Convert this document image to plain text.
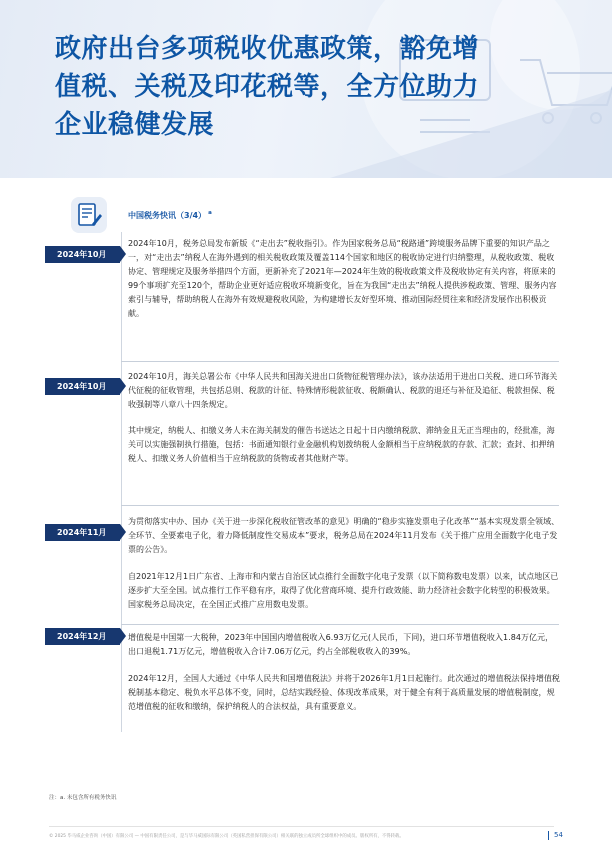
政府出台多项税收优惠政策，豁免增
值税、关税及印花税等，全方位助力
企业稳健发展
中国税务快讯（3/4） $^a$
2024年10月
2024年10月，税务总局发布新版《“走出去”税收指引》。作为国家税务总局“税路通”跨境服务品牌下重要的知识产品之一，对“走出去”纳税人在海外遇到的相关税收政策及覆盖114个国家和地区的税收协定进行归纳整理，从税收政策、税收协定、管理规定及服务举措四个方面，更新补充了2021年—2024年生效的税收政策文件及税收协定有关内容，将原来的99个事项扩充至120个，帮助企业更好适应税收环境新变化，旨在为我国“走出去”纳税人提供涉税政策、管理、服务内容索引与辅导，帮助纳税人在海外有效规避税收风险，为构建增长友好型环境、推动国际经贸往来和经济发展作出积极贡献。
2024年10月
2024年10月，海关总署公布《中华人民共和国海关进出口货物征税管理办法》，该办法适用于进出口关税、进口环节海关代征税的征收管理，共包括总则、税款的计征、特殊情形税款征收、税额确认、税款的退还与补征及追征、税款担保、税收强制等八章八十四条规定。
其中规定，纳税人、扣缴义务人未在海关制发的催告书送达之日起十日内缴纳税款、滞纳金且无正当理由的，经批准，海关可以实施强制执行措施，包括：书面通知银行业金融机构划拨纳税人金额相当于应纳税款的存款、汇款；查封、扣押纳税人、扣缴义务人价值相当于应纳税款的货物或者其他财产等。
2024年11月
为贯彻落实中办、国办《关于进一步深化税收征管改革的意见》明确的“稳步实施发票电子化改革”“基本实现发票全领域、全环节、全要素电子化，着力降低制度性交易成本”要求，税务总局在2024年11月发布《关于推广应用全面数字化电子发票的公告》。
自2021年12月1日广东省、上海市和内蒙古自治区试点推行全面数字化电子发票（以下简称数电发票）以来，试点地区已逐步扩大至全国。试点推行工作平稳有序，取得了优化营商环境、提升行政效能、助力经济社会数字化转型的积极效果。国家税务总局决定，在全国正式推广应用数电发票。
2024年12月	增值税是中国第一大税种，2023年中国国内增值税收入6.93万亿元(人民币，下同)，进口环节增值税收入1.84万亿元，出口退税1.71万亿元，增值税收入合计7.06万亿元，约占全部税收收入的39%。
2024年12月，全国人大通过《中华人民共和国增值税法》并将于2026年1月1日起施行。此次通过的增值税法保持增值税税制基本稳定、税负水平总体不变，同时，总结实践经验、体现改革成果，对于健全有利于高质量发展的增值税制度，规范增值税的征收和缴纳，保护纳税人的合法权益，具有重要意义。
注：a. 未包含所有税务快讯
© 2025 毕马威企业咨询（中国）有限公司 — 中国有限责任公司，是与毕马威国际有限公司（英国私营担保有限公司）相关联的独立成员所全球组织中的成员。版权所有，不得转载。	54
